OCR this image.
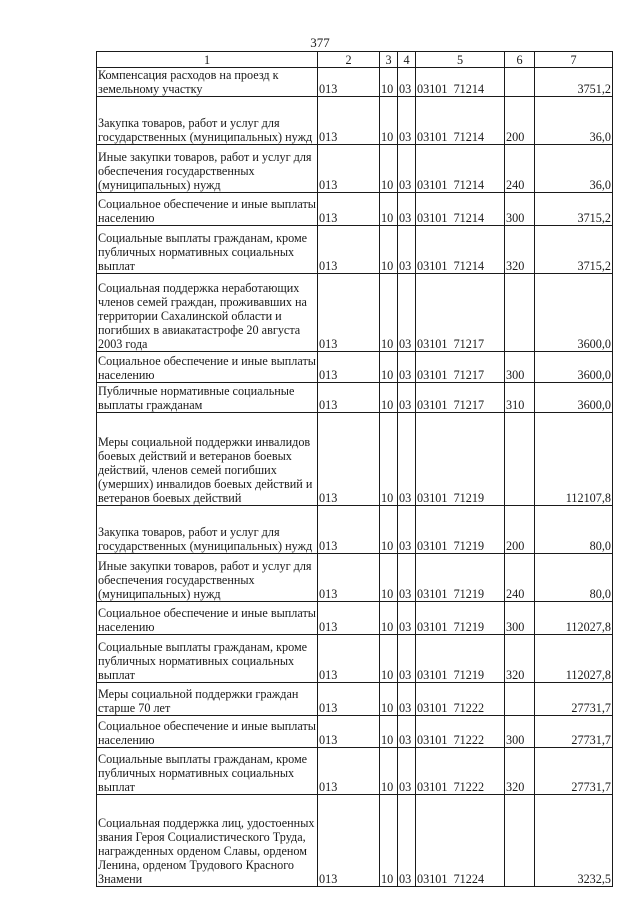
377
1	2	3	4	5	6	7
Компенсация расходов на проезд к земельному участку	013	10	03	03101  71214		3751,2
Закупка товаров, работ и услуг для государственных (муниципальных) нужд	013	10	03	03101  71214	200	36,0
Иные закупки товаров, работ и услуг для обеспечения государственных (муниципальных) нужд	013	10	03	03101  71214	240	36,0
Социальное обеспечение и иные выплаты населению	013	10	03	03101  71214	300	3715,2
Социальные выплаты гражданам, кроме публичных нормативных социальных выплат	013	10	03	03101  71214	320	3715,2
Социальная поддержка неработающих членов семей граждан, проживавших на территории Сахалинской области и погибших в авиакатастрофе 20 августа 2003 года	013	10	03	03101  71217		3600,0
Социальное обеспечение и иные выплаты населению	013	10	03	03101  71217	300	3600,0
Публичные нормативные социальные выплаты гражданам	013	10	03	03101  71217	310	3600,0
Меры социальной поддержки инвалидов боевых действий и ветеранов боевых действий, членов семей погибших (умерших) инвалидов боевых действий и ветеранов боевых действий	013	10	03	03101  71219		112107,8
Закупка товаров, работ и услуг для государственных (муниципальных) нужд	013	10	03	03101  71219	200	80,0
Иные закупки товаров, работ и услуг для обеспечения государственных (муниципальных) нужд	013	10	03	03101  71219	240	80,0
Социальное обеспечение и иные выплаты населению	013	10	03	03101  71219	300	112027,8
Социальные выплаты гражданам, кроме публичных нормативных социальных выплат	013	10	03	03101  71219	320	112027,8
Меры социальной поддержки граждан старше 70 лет	013	10	03	03101  71222		27731,7
Социальное обеспечение и иные выплаты населению	013	10	03	03101  71222	300	27731,7
Социальные выплаты гражданам, кроме публичных нормативных социальных выплат	013	10	03	03101  71222	320	27731,7
Социальная поддержка лиц, удостоенных звания Героя Социалистического Труда, награжденных орденом Славы, орденом Ленина, орденом Трудового Красного Знамени	013	10	03	03101  71224		3232,5
